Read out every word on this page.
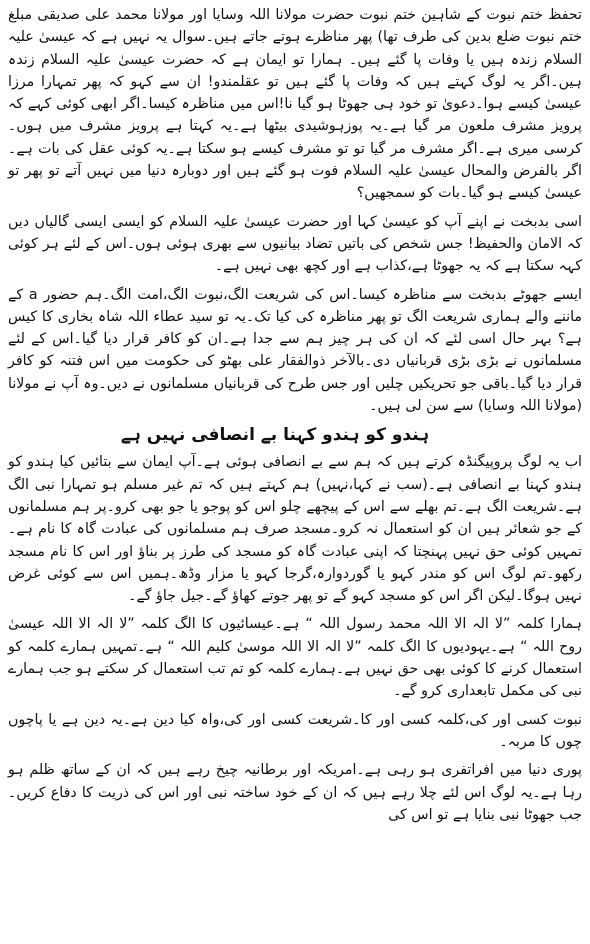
تحفظ ختم نبوت کے شاہین ختم نبوت حضرت مولانا اللہ وسایا اور مولانا محمد علی صدیقی مبلغ ختم نبوت ضلع بدین کی طرف تھا) پھر مناظرے ہوتے جاتے ہیں۔سوال یہ نہیں ہے کہ عیسیٰ علیہ السلام زندہ ہیں یا وفات پا گئے ہیں۔ ہمارا تو ایمان ہے کہ حضرت عیسیٰ علیہ السلام زندہ ہیں۔اگر یہ لوگ کہتے ہیں کہ وفات پا گئے ہیں تو عقلمندو! ان سے کہو کہ پھر تمہارا مرزا عیسیٰ کیسے ہوا۔دعویٰ تو خود ہی جھوٹا ہو گیا نا!اس میں مناظرہ کیسا۔اگر ابھی کوئی کہے کہ پرویز مشرف ملعون مر گیا ہے۔یہ پوزہوشیدی بیٹھا ہے۔یہ کہتا ہے پرویز مشرف میں ہوں۔کرسی میری ہے۔اگر مشرف مر گیا تو تو مشرف کیسے ہو سکتا ہے۔یہ کوئی عقل کی بات ہے۔اگر بالفرض والمحال عیسیٰ علیہ السلام فوت ہو گئے ہیں اور دوبارہ دنیا میں نہیں آتے تو پھر تو عیسیٰ کیسے ہو گیا۔بات کو سمجھیں؟

اسی بدبخت نے اپنے آپ کو عیسیٰ کہا اور حضرت عیسیٰ علیہ السلام کو ایسی ایسی گالیاں دیں کہ الامان والحفیظ! جس شخص کی باتیں تضاد بیانیوں سے بھری ہوئی ہوں۔اس کے لئے ہر کوئی کہہ سکتا ہے کہ یہ جھوٹا ہے،کذاب ہے اور کچھ بھی نہیں ہے۔

ایسے جھوٹے بدبخت سے مناظرہ کیسا۔اس کی شریعت الگ،نبوت الگ،امت الگ۔ہم حضور a کے ماننے والے ہماری شریعت الگ تو پھر مناظرہ کی کیا تک۔یہ تو سید عطاء اللہ شاہ بخاری کا کیس ہے؟ بہر حال اسی لئے کہ ان کی ہر چیز ہم سے جدا ہے۔ان کو کافر قرار دیا گیا۔اس کے لئے مسلمانوں نے بڑی بڑی قربانیاں دی۔بالآخر ذوالفقار علی بھٹو کی حکومت میں اس فتنہ کو کافر قرار دیا گیا۔باقی جو تحریکیں چلیں اور جس طرح کی قربانیاں مسلمانوں نے دیں۔وہ آپ نے مولانا (مولانا اللہ وسایا) سے سن لی ہیں۔

ہندو کو ہندو کہنا بے انصافی نہیں ہے

اب یہ لوگ پروپیگنڈہ کرتے ہیں کہ ہم سے بے انصافی ہوئی ہے۔آپ ایمان سے بتائیں کیا ہندو کو ہندو کہنا بے انصافی ہے۔(سب نے کہا،نہیں) ہم کہتے ہیں کہ تم غیر مسلم ہو تمہارا نبی الگ ہے۔شریعت الگ ہے۔تم بھلے سے اس کے پیچھے چلو اس کو پوجو یا جو بھی کرو۔پر ہم مسلمانوں کے جو شعائر ہیں ان کو استعمال نہ کرو۔مسجد صرف ہم مسلمانوں کی عبادت گاہ کا نام ہے۔تمہیں کوئی حق نہیں پہنچتا کہ اپنی عبادت گاہ کو مسجد کی طرز پر بناؤ اور اس کا نام مسجد رکھو۔تم لوگ اس کو مندر کہو یا گوردوارہ،گرجا کہو یا مزار وڈھ۔ہمیں اس سے کوئی غرض نہیں ہوگا۔لیکن اگر اس کو مسجد کہو گے تو پھر جوتے کھاؤ گے۔جیل جاؤ گے۔

ہمارا کلمہ ”لا الہ الا اللہ محمد رسول اللہ “ ہے۔عیسائیوں کا الگ کلمہ ”لا الہ الا اللہ عیسیٰ روح اللہ “ ہے۔یہودیوں کا الگ کلمہ ”لا الہ الا اللہ موسیٰ کلیم اللہ “ ہے۔تمہیں ہمارے کلمہ کو استعمال کرنے کا کوئی بھی حق نہیں ہے۔ہمارے کلمہ کو تم تب استعمال کر سکتے ہو جب ہمارے نبی کی مکمل تابعداری کرو گے۔

نبوت کسی اور کی،کلمہ کسی اور کا۔شریعت کسی اور کی،واہ کیا دین ہے۔یہ دین ہے یا پاچوں چوں کا مربہ۔

پوری دنیا میں افراتفری ہو رہی ہے۔امریکہ اور برطانیہ چیخ رہے ہیں کہ ان کے ساتھ ظلم ہو رہا ہے۔یہ لوگ اس لئے چلا رہے ہیں کہ ان کے خود ساختہ نبی اور اس کی ذریت کا دفاع کریں۔جب جھوٹا نبی بنایا ہے تو اس کی
